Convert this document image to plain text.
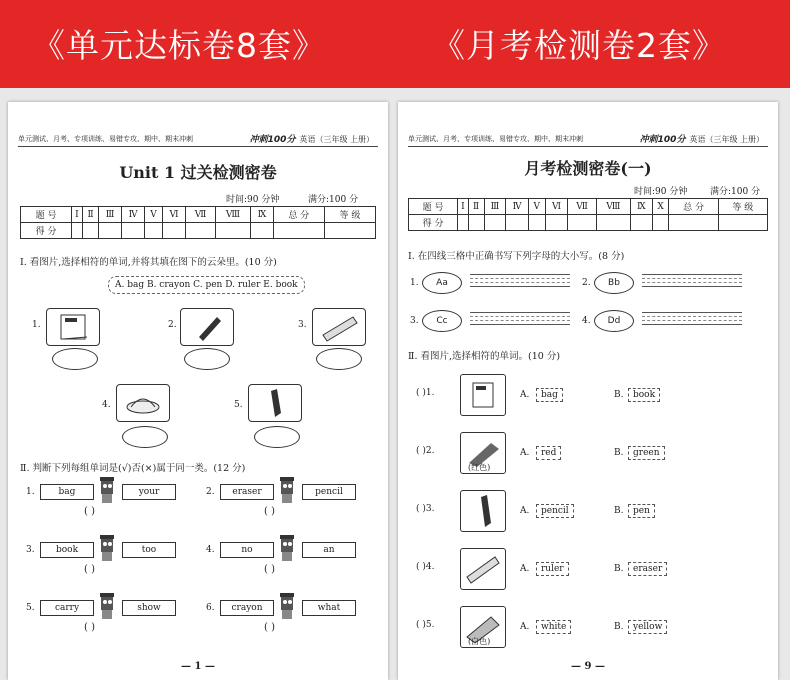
《单元达标卷8套》	《月考检测卷2套》
单元测试、月考、专项训练、易错专攻、期中、期末冲刺	冲刺100分 英语（三年级 上册）
Unit 1 过关检测密卷
时间:90 分钟	满分:100 分
题 号	Ⅰ	Ⅱ	Ⅲ	Ⅳ	Ⅴ	Ⅵ	Ⅶ	Ⅷ	Ⅸ	总 分	等 级
得 分											
Ⅰ. 看图片,选择相符的单词,并将其填在图下的云朵里。(10 分)
A. bag B. crayon C. pen D. ruler E. book
1.	2.	3.
4.	5.
Ⅱ. 判断下列每组单词是(√)否(×)属于同一类。(12 分)
1.	bag	your
( )
2.	eraser	pencil
( )
3.	book	too
( )
4.	no	an
( )
5.	carry	show
( )
6.	crayon	what
( )
— 1 —
单元测试、月考、专项训练、易错专攻、期中、期末冲刺	冲刺100分 英语（三年级 上册）
月考检测密卷(一)
时间:90 分钟	满分:100 分
题 号	Ⅰ	Ⅱ	Ⅲ	Ⅳ	Ⅴ	Ⅵ	Ⅶ	Ⅷ	Ⅸ	Ⅹ	总 分	等 级
得 分												
Ⅰ. 在四线三格中正确书写下列字母的大小写。(8 分)
1.	Aa	2.	Bb
3.	Cc	4.	Dd
Ⅱ. 看图片,选择相符的单词。(10 分)
( )1.	A.	bag	B.	book
( )2.
(红色)
A.	red	B.	green
( )3.	A.	pencil	B.	pen
( )4.	A.	ruler	B.	eraser
( )5.
(白色)
A.	white	B.	yellow
— 9 —
